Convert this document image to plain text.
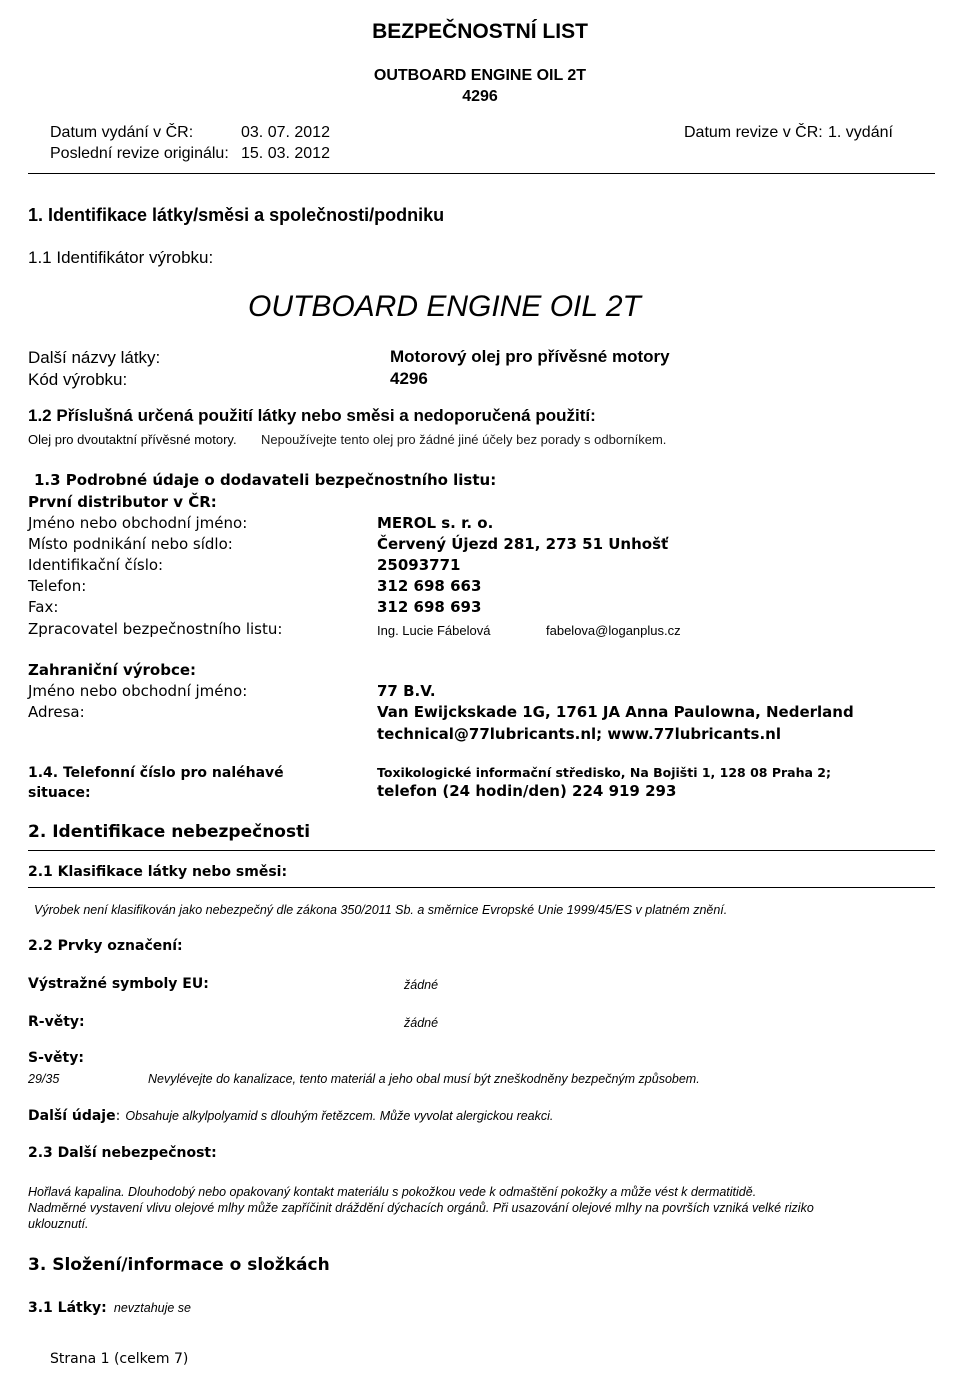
BEZPEČNOSTNÍ LIST
OUTBOARD ENGINE OIL 2T
4296
Datum vydání v ČR:	03. 07. 2012
Poslední revize originálu: 15. 03. 2012
Datum revize v ČR: 1. vydání
1. Identifikace látky/směsi a společnosti/podniku
1.1 Identifikátor výrobku:
OUTBOARD ENGINE OIL 2T
Další názvy látky:	Motorový olej pro přívěsné motory
Kód výrobku:	4296
1.2 Příslušná určená použití látky nebo směsi a nedoporučená použití:
Olej pro dvoutaktní přívěsné motory. Nepoužívejte tento olej pro žádné jiné účely bez porady s odborníkem.
1.3 Podrobné údaje o dodavateli bezpečnostního listu:
První distributor v ČR:
Jméno nebo obchodní jméno:	MEROL s. r. o.
Místo podnikání nebo sídlo:	Červený Újezd 281, 273 51 Unhošť
Identifikační číslo:	25093771
Telefon:	312 698 663
Fax:	312 698 693
Zpracovatel bezpečnostního listu:	Ing. Lucie Fábelová	fabelova@loganplus.cz
Zahraniční výrobce:
Jméno nebo obchodní jméno:	77 B.V.
Adresa:	Van Ewijckskade 1G, 1761 JA Anna Paulowna, Nederland
technical@77lubricants.nl; www.77lubricants.nl
1.4. Telefonní číslo pro naléhavé
situace:
Toxikologické informační středisko, Na Bojišti 1, 128 08 Praha 2;
telefon (24 hodin/den) 224 919 293
2. Identifikace nebezpečnosti
2.1 Klasifikace látky nebo směsi:
Výrobek není klasifikován jako nebezpečný dle zákona 350/2011 Sb. a směrnice Evropské Unie 1999/45/ES v platném znění.
2.2 Prvky označení:
Výstražné symboly EU:	žádné
R-věty:	žádné
S-věty:
29/35	Nevylévejte do kanalizace, tento materiál a jeho obal musí být zneškodněny bezpečným způsobem.
Další údaje: Obsahuje alkylpolyamid s dlouhým řetězcem. Může vyvolat alergickou reakci.
2.3 Další nebezpečnost:
Hořlavá kapalina. Dlouhodobý nebo opakovaný kontakt materiálu s pokožkou vede k odmaštění pokožky a může vést k dermatitidě.
Nadměrné vystavení vlivu olejové mlhy může zapříčinit dráždění dýchacích orgánů. Při usazování olejové mlhy na površích vzniká velké riziko
uklouznutí.
3. Složení/informace o složkách
3.1 Látky: nevztahuje se
Strana 1 (celkem 7)
